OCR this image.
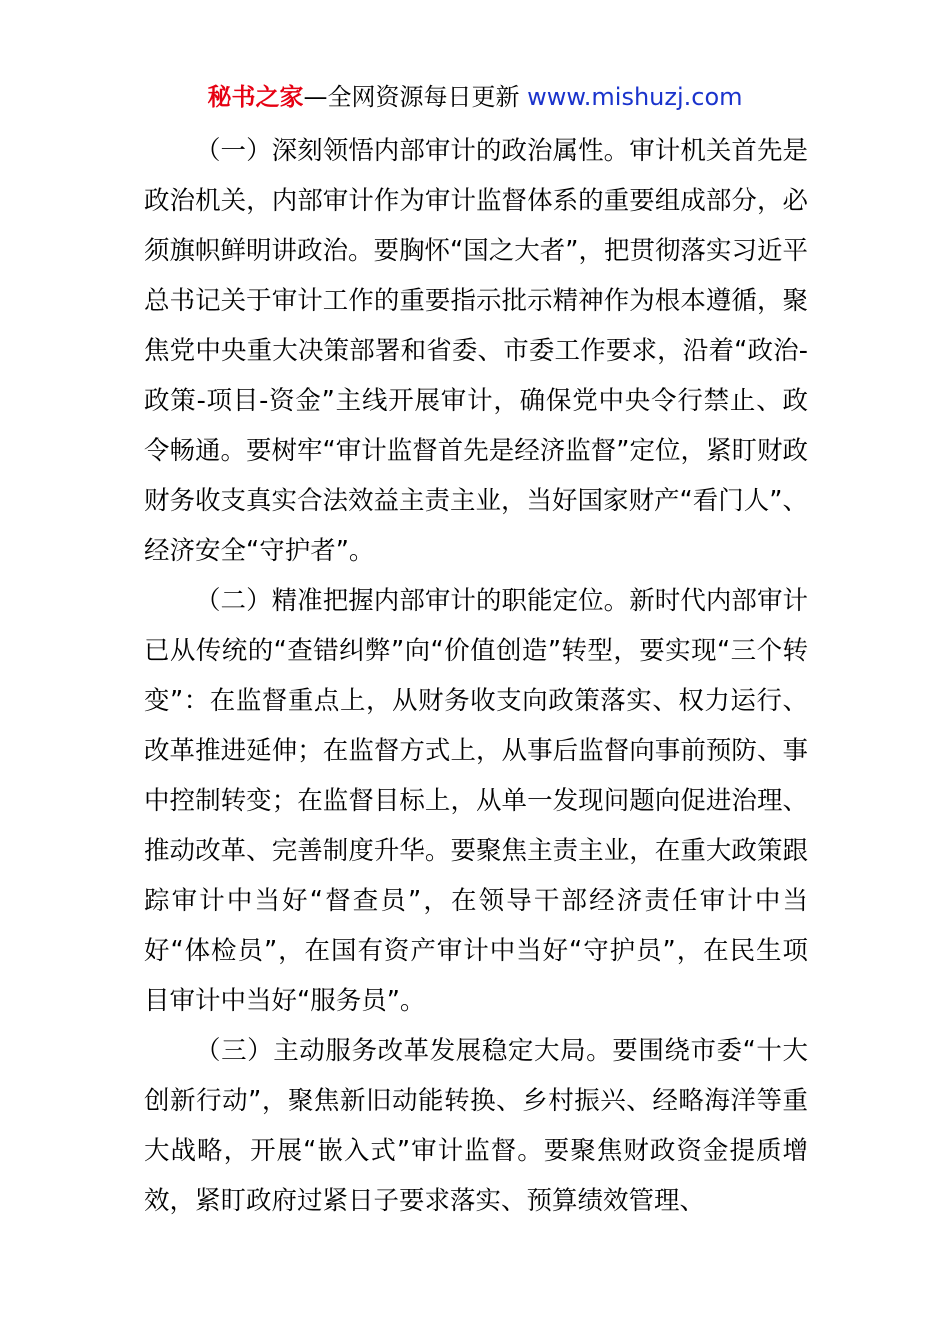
秘书之家—全网资源每日更新 www.mishuzj.com

（一）深刻领悟内部审计的政治属性。审计机关首先是政治机关，内部审计作为审计监督体系的重要组成部分，必须旗帜鲜明讲政治。要胸怀“国之大者”，把贯彻落实习近平总书记关于审计工作的重要指示批示精神作为根本遵循，聚焦党中央重大决策部署和省委、市委工作要求，沿着“政治-政策-项目-资金”主线开展审计，确保党中央令行禁止、政令畅通。要树牢“审计监督首先是经济监督”定位，紧盯财政财务收支真实合法效益主责主业，当好国家财产“看门人”、经济安全“守护者”。

（二）精准把握内部审计的职能定位。新时代内部审计已从传统的“查错纠弊”向“价值创造”转型，要实现“三个转变”：在监督重点上，从财务收支向政策落实、权力运行、改革推进延伸；在监督方式上，从事后监督向事前预防、事中控制转变；在监督目标上，从单一发现问题向促进治理、推动改革、完善制度升华。要聚焦主责主业，在重大政策跟踪审计中当好“督查员”，在领导干部经济责任审计中当好“体检员”，在国有资产审计中当好“守护员”，在民生项目审计中当好“服务员”。

（三）主动服务改革发展稳定大局。要围绕市委“十大创新行动”，聚焦新旧动能转换、乡村振兴、经略海洋等重大战略，开展“嵌入式”审计监督。要聚焦财政资金提质增效，紧盯政府过紧日子要求落实、预算绩效管理、
